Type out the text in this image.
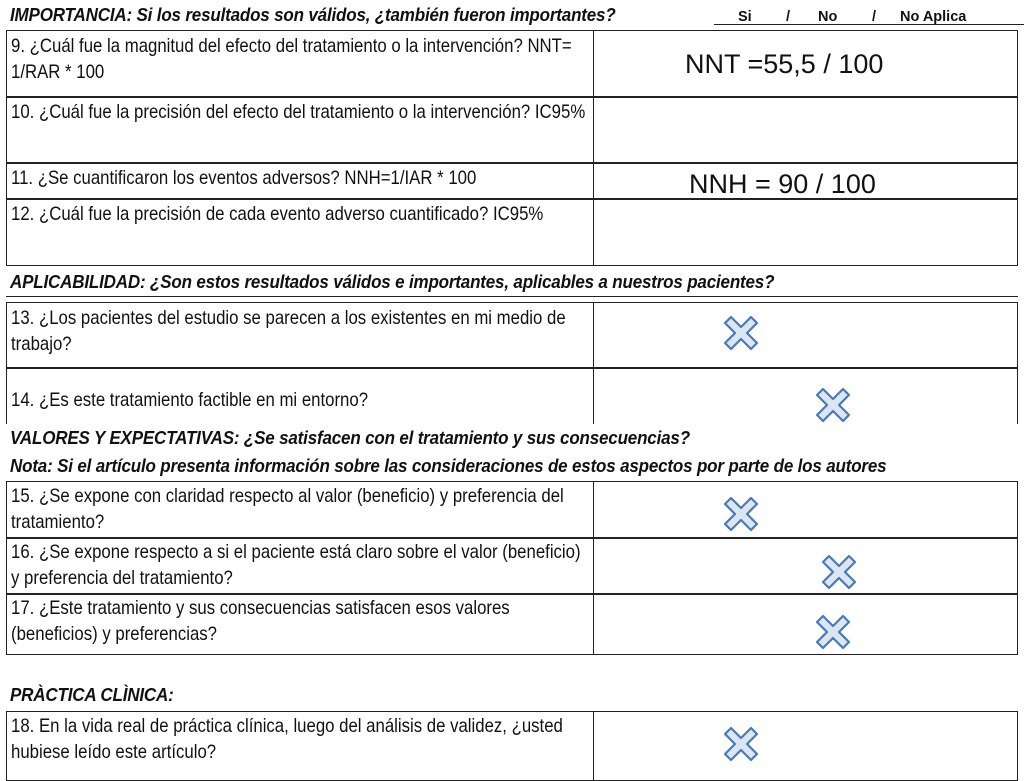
IMPORTANCIA: Si los resultados son válidos, ¿también fueron importantes?	Si / No / No Aplica
9. ¿Cuál fue la magnitud del efecto del tratamiento o la intervención? NNT= 1/RAR * 100	NNT =55,5 / 100
10. ¿Cuál fue la precisión del efecto del tratamiento o la intervención? IC95%
11. ¿Se cuantificaron los eventos adversos? NNH=1/IAR * 100	NNH = 90 / 100
12. ¿Cuál fue la precisión de cada evento adverso cuantificado? IC95%
APLICABILIDAD: ¿Son estos resultados válidos e importantes, aplicables a nuestros pacientes?
13. ¿Los pacientes del estudio se parecen a los existentes en mi medio de trabajo?
14. ¿Es este tratamiento factible en mi entorno?
VALORES Y EXPECTATIVAS: ¿Se satisfacen con el tratamiento y sus consecuencias?
Nota: Si el artículo presenta información sobre las consideraciones de estos aspectos por parte de los autores
15. ¿Se expone con claridad respecto al valor (beneficio) y preferencia del tratamiento?
16. ¿Se expone respecto a si el paciente está claro sobre el valor (beneficio) y preferencia del tratamiento?
17. ¿Este tratamiento y sus consecuencias satisfacen esos valores (beneficios) y preferencias?
PRÀCTICA CLÌNICA:
18. En la vida real de práctica clínica, luego del análisis de validez, ¿usted hubiese leído este artículo?
